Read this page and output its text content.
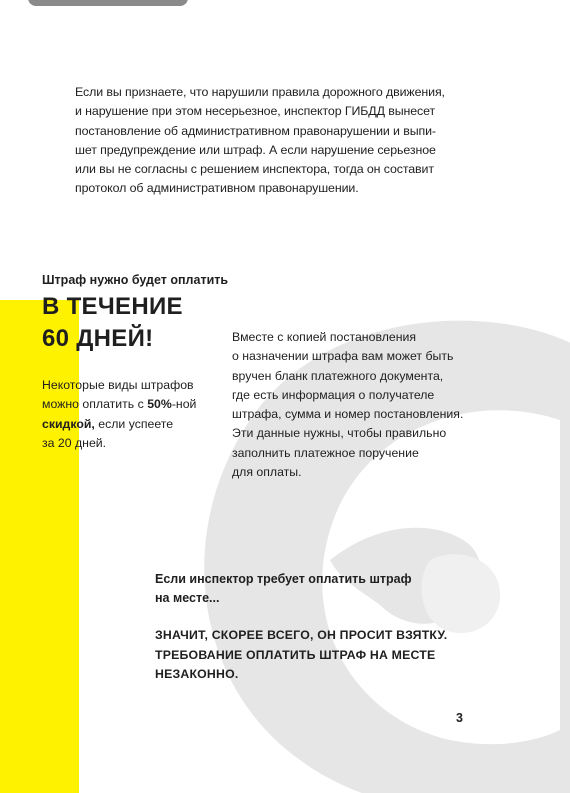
Если вы признаете, что нарушили правила дорожного движения,
и нарушение при этом несерьезное, инспектор ГИБДД вынесет
постановление об административном правонарушении и выпи-
шет предупреждение или штраф. А если нарушение серьезное
или вы не согласны с решением инспектора, тогда он составит
протокол об административном правонарушении.

Штраф нужно будет оплатить

В ТЕЧЕНИЕ
60 ДНЕЙ!

Некоторые виды штрафов
можно оплатить с 50%-ной
скидкой, если успеете
за 20 дней.

Вместе с копией постановления
о назначении штрафа вам может быть
вручен бланк платежного документа,
где есть информация о получателе
штрафа, сумма и номер постановления.
Эти данные нужны, чтобы правильно
заполнить платежное поручение
для оплаты.

Если инспектор требует оплатить штраф
на месте...

ЗНАЧИТ, СКОРЕЕ ВСЕГО, ОН ПРОСИТ ВЗЯТКУ.
ТРЕБОВАНИЕ ОПЛАТИТЬ ШТРАФ НА МЕСТЕ
НЕЗАКОННО.

3
